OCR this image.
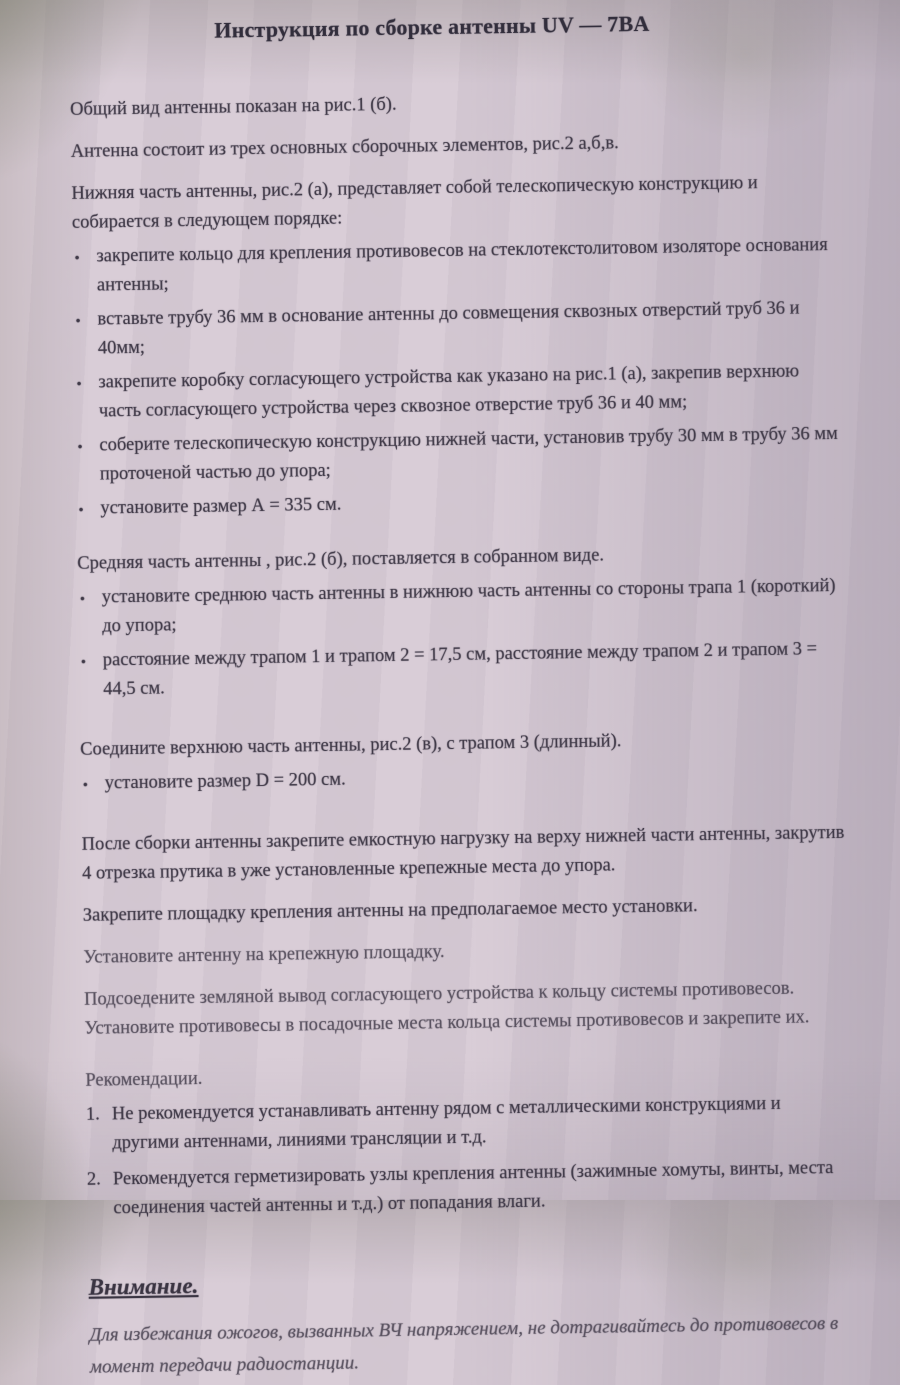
Инструкция по сборке антенны UV — 7BA

Общий вид антенны показан на рис.1 (б).

Антенна состоит из трех основных сборочных элементов, рис.2 а,б,в.

Нижняя часть антенны, рис.2 (а), представляет собой телескопическую конструкцию и собирается в следующем порядке:

•
закрепите кольцо для крепления противовесов на стеклотекстолитовом изоляторе основания антенны;
•
вставьте трубу 36 мм в основание антенны до совмещения сквозных отверстий труб 36 и 40мм;
•
закрепите коробку согласующего устройства как указано на рис.1 (а), закрепив верхнюю часть согласующего устройства через сквозное отверстие труб 36 и 40 мм;
•
соберите телескопическую конструкцию нижней части, установив трубу 30 мм в трубу 36 мм проточеной частью до упора;
•
установите размер А = 335 см.

Средняя часть антенны , рис.2 (б), поставляется в собранном виде.

•
установите среднюю часть антенны в нижнюю часть антенны со стороны трапа 1 (короткий) до упора;
•
расстояние между трапом 1 и трапом 2 = 17,5 см, расстояние между трапом 2 и трапом 3 = 44,5 см.

Соедините верхнюю часть антенны, рис.2 (в), с трапом 3 (длинный).

•
установите размер D = 200 см.

После сборки антенны закрепите емкостную нагрузку на верху нижней части антенны, закрутив 4 отрезка прутика в уже установленные крепежные места до упора.

Закрепите площадку крепления антенны на предполагаемое место установки.

Установите антенну на крепежную площадку.

Подсоедените земляной вывод согласующего устройства к кольцу системы противовесов. Установите противовесы в посадочные места кольца системы противовесов и закрепите их.

Рекомендации.

1. Не рекомендуется устанавливать антенну рядом с металлическими конструкциями и другими антеннами, линиями трансляции и т.д.
2. Рекомендуется герметизировать узлы крепления антенны (зажимные хомуты, винты, места соединения частей антенны и т.д.) от попадания влаги.

Внимание.

Для избежания ожогов, вызванных ВЧ напряжением, не дотрагивайтесь до противовесов в момент передачи радиостанции.
